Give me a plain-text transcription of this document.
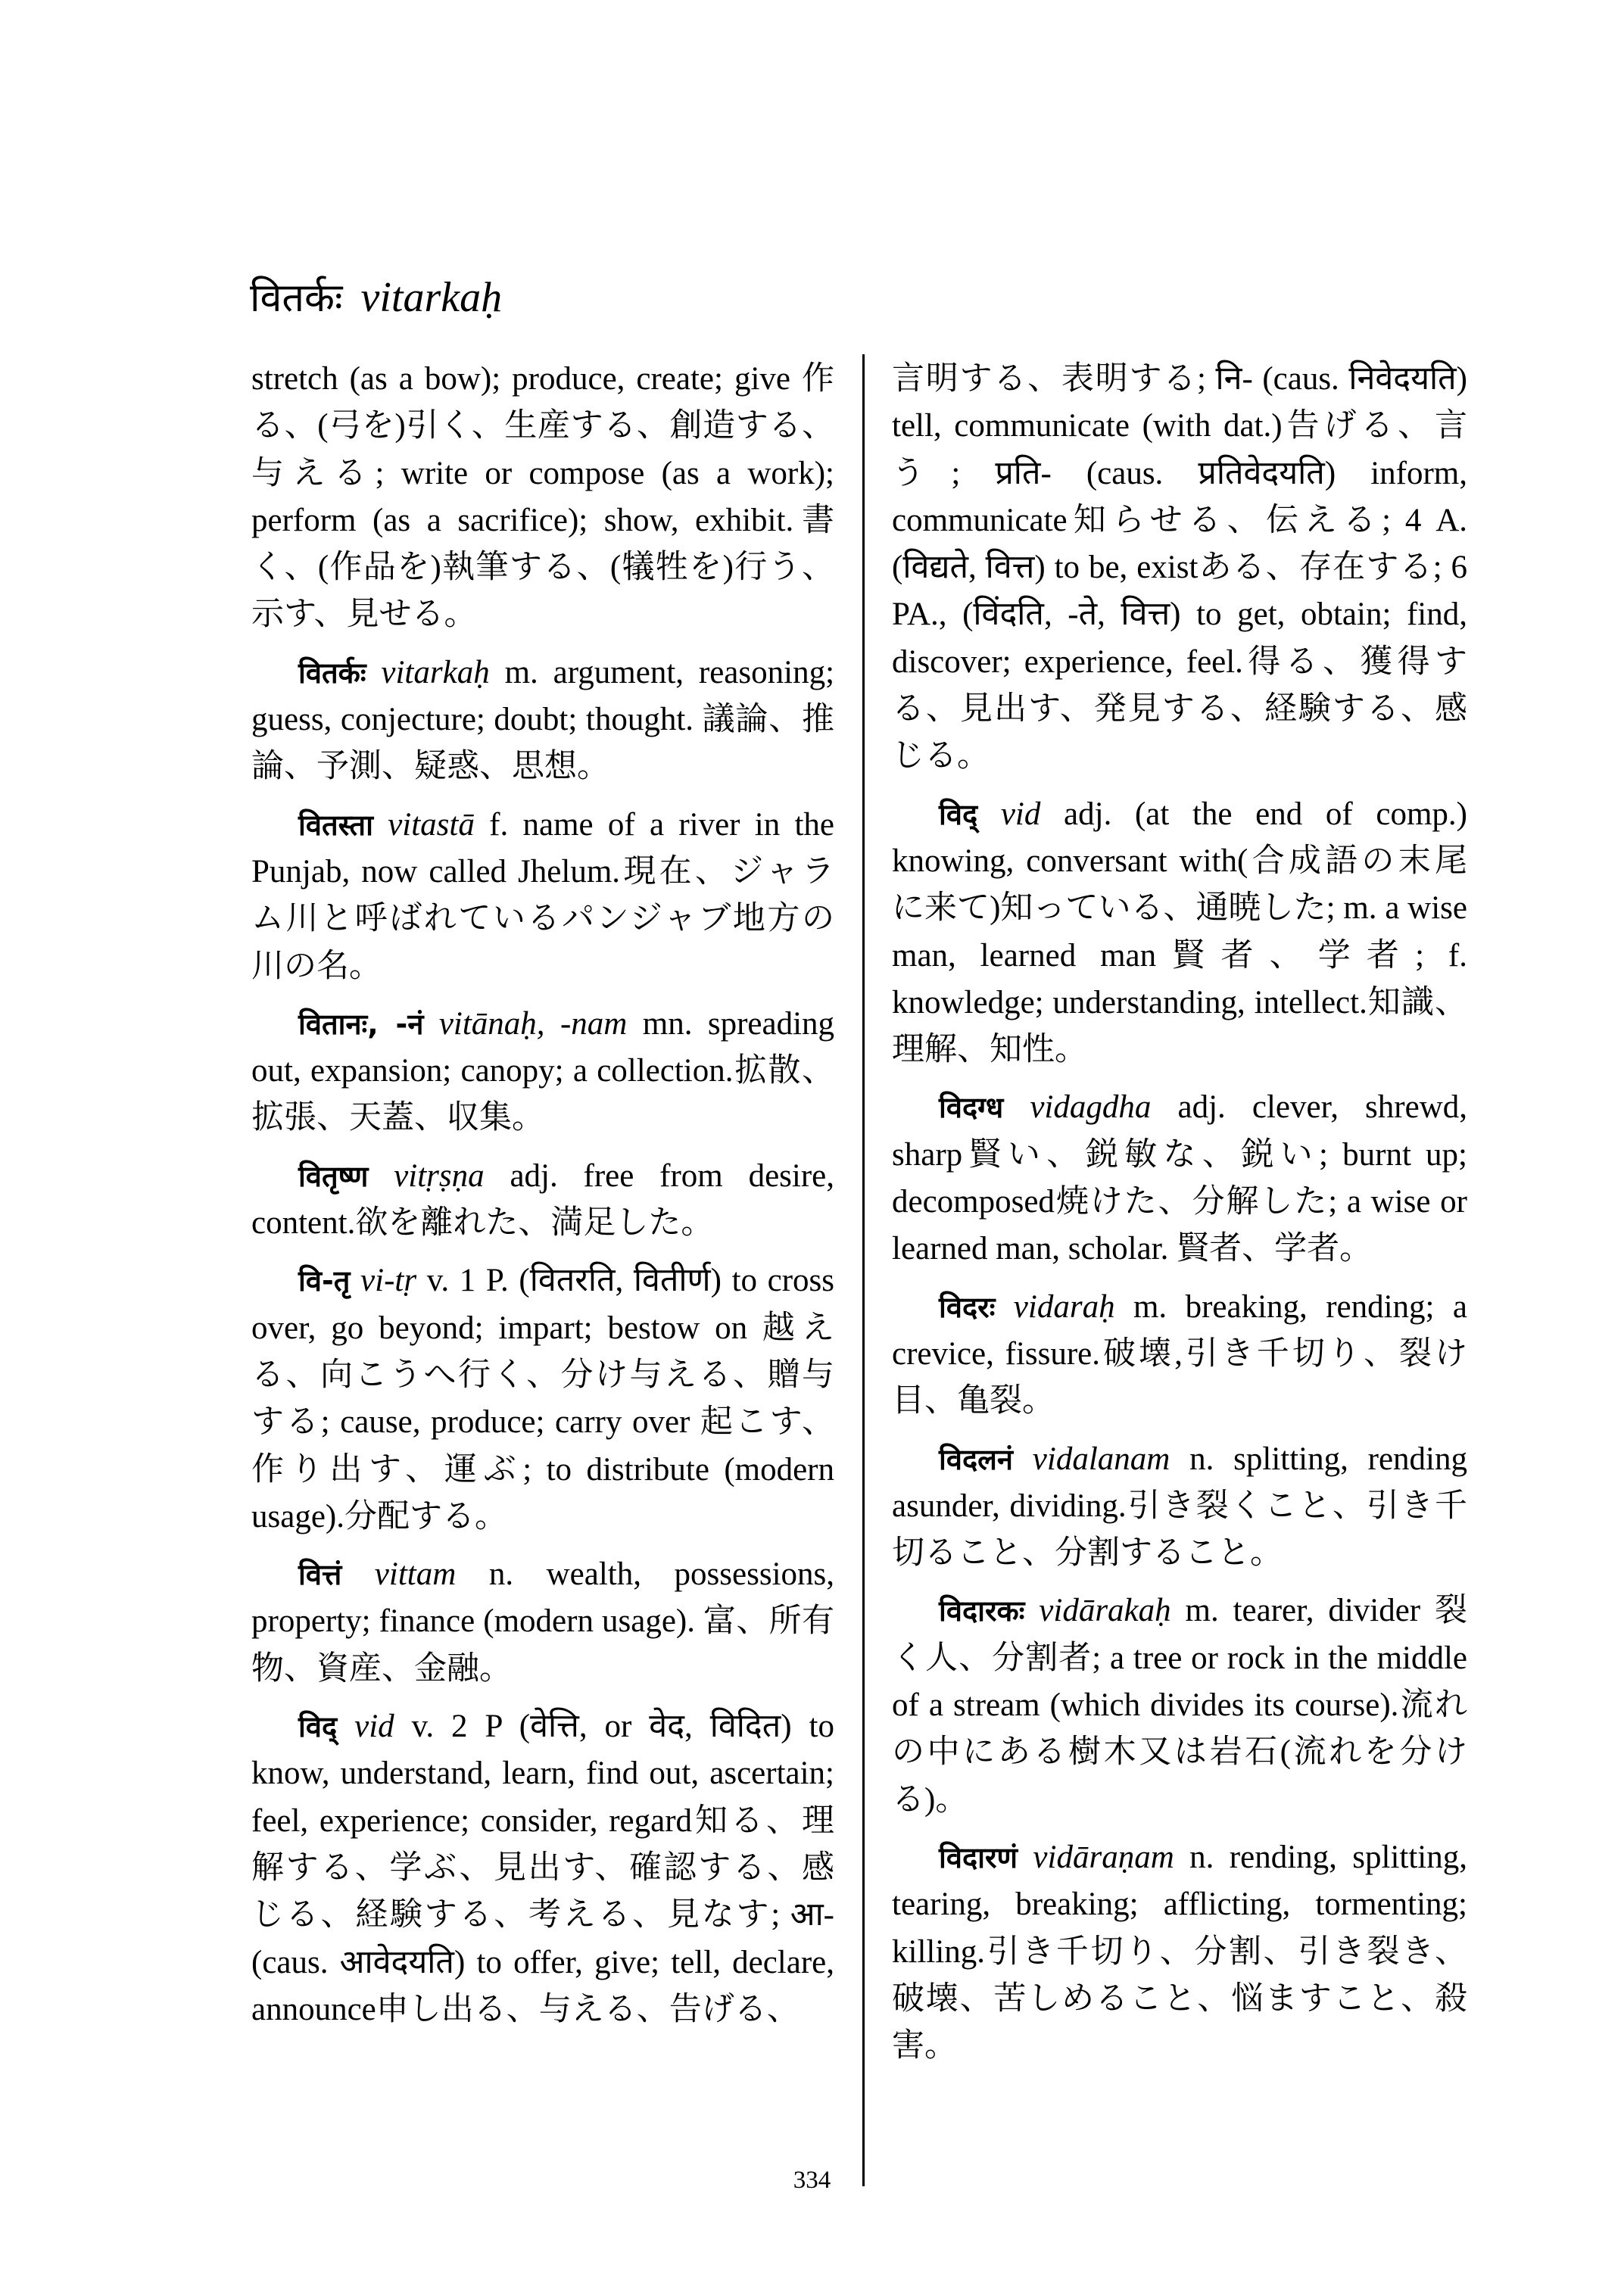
वितर्कः vitarkaḥ

stretch (as a bow); produce, create; give 作る、(弓を)引く、生産する、創造する、与える; write or compose (as a work); perform (as a sacrifice); show, exhibit.書く、(作品を)執筆する、(犠牲を)行う、示す、見せる。

वितर्कः vitarkaḥ m. argument, reasoning; guess, conjecture; doubt; thought. 議論、推論、予測、疑惑、思想。

वितस्ता vitastā f. name of a river in the Punjab, now called Jhelum.現在、ジャラム川と呼ばれているパンジャブ地方の川の名。

वितानः, -नं vitānaḥ, -nam mn. spreading out, expansion; canopy; a collection.拡散、拡張、天蓋、収集。

वितृष्ण vitṛṣṇa adj. free from desire, content.欲を離れた、満足した。

वि-तृ vi-tṛ v. 1 P. (वितरति, वितीर्ण) to cross over, go beyond; impart; bestow on 越える、向こうへ行く、分け与える、贈与する; cause, produce; carry over 起こす、作り出す、運ぶ; to distribute (modern usage).分配する。

वित्तं vittam n. wealth, possessions, property; finance (modern usage). 富、所有物、資産、金融。

विद् vid v. 2 P (वेत्ति, or वेद, विदित) to know, understand, learn, find out, ascertain; feel, experience; consider, regard知る、理解する、学ぶ、見出す、確認する、感じる、経験する、考える、見なす; आ- (caus. आवेदयति) to offer, give; tell, declare, announce申し出る、与える、告げる、

言明する、表明する; नि- (caus. निवेदयति) tell, communicate (with dat.)告げる、言う; प्रति- (caus. प्रतिवेदयति) inform, communicate知らせる、伝える; 4 A. (विद्यते, वित्त) to be, existある、存在する; 6 PA., (विंदति, -ते, वित्त) to get, obtain; find, discover; experience, feel.得る、獲得する、見出す、発見する、経験する、感じる。

विद् vid adj. (at the end of comp.) knowing, conversant with(合成語の末尾に来て)知っている、通暁した; m. a wise man, learned man賢者、学者; f. knowledge; understanding, intellect.知識、理解、知性。

विदग्ध vidagdha adj. clever, shrewd, sharp賢い、鋭敏な、鋭い; burnt up; decomposed焼けた、分解した; a wise or learned man, scholar. 賢者、学者。

विदरः vidaraḥ m. breaking, rending; a crevice, fissure.破壊,引き千切り、裂け目、亀裂。

विदलनं vidalanam n. splitting, rending asunder, dividing.引き裂くこと、引き千切ること、分割すること。

विदारकः vidārakaḥ m. tearer, divider 裂く人、分割者; a tree or rock in the middle of a stream (which divides its course).流れの中にある樹木又は岩石(流れを分ける)。

विदारणं vidāraṇam n. rending, splitting, tearing, breaking; afflicting, tormenting; killing.引き千切り、分割、引き裂き、破壊、苦しめること、悩ますこと、殺害。

334
